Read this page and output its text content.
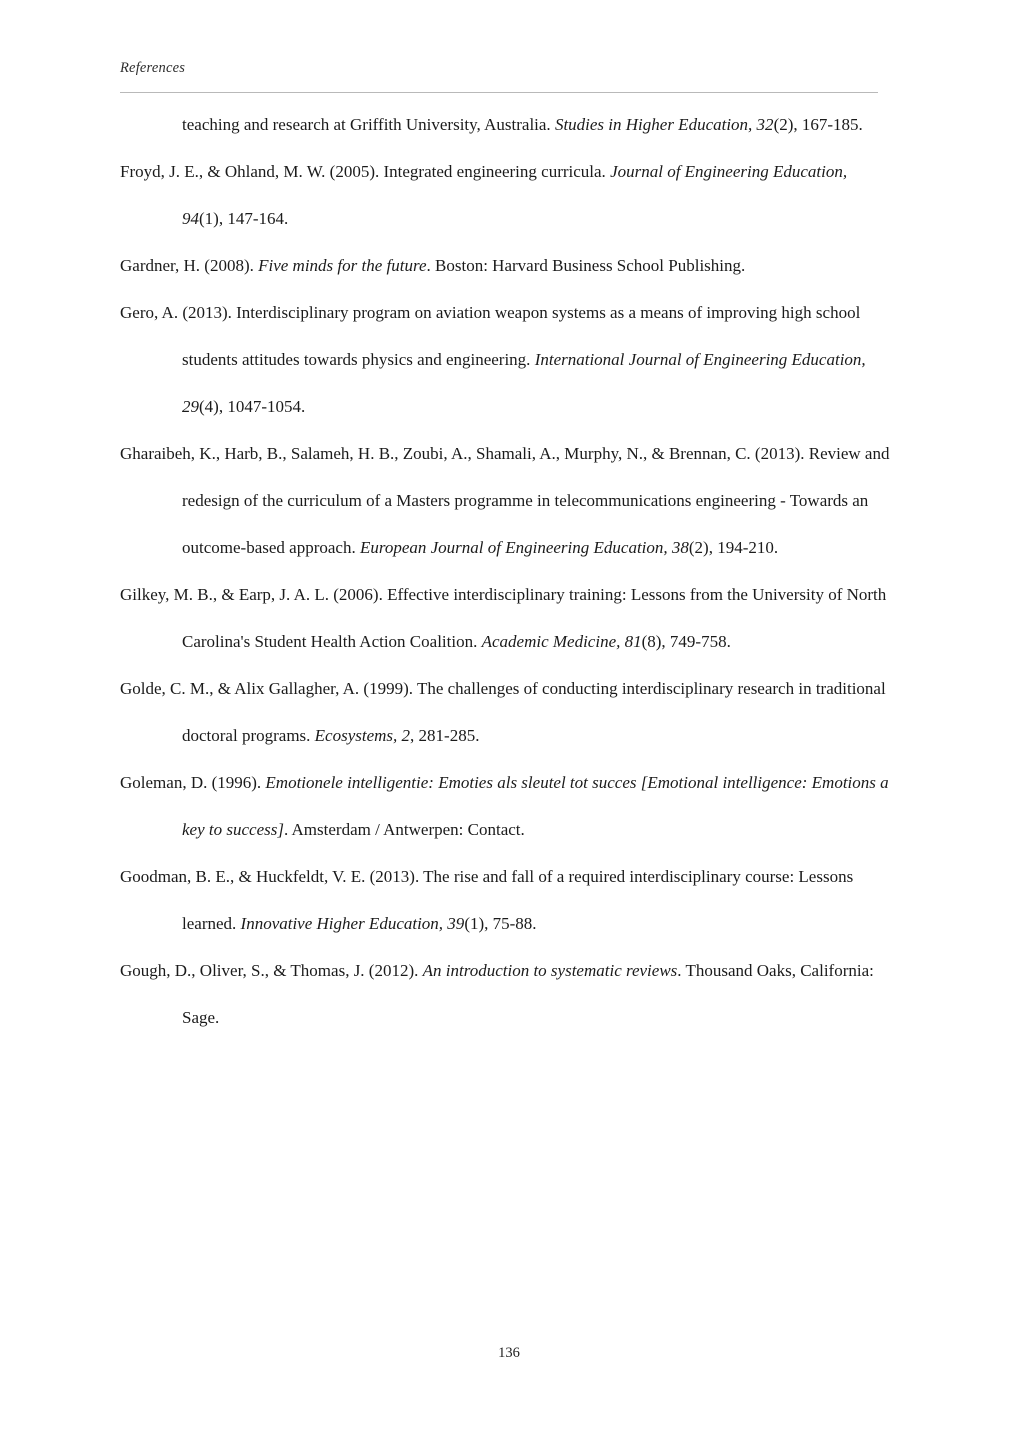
References

teaching and research at Griffith University, Australia. Studies in Higher Education, 32(2), 167-185.

Froyd, J. E., & Ohland, M. W. (2005). Integrated engineering curricula. Journal of Engineering Education, 94(1), 147-164.

Gardner, H. (2008). Five minds for the future. Boston: Harvard Business School Publishing.

Gero, A. (2013). Interdisciplinary program on aviation weapon systems as a means of improving high school students attitudes towards physics and engineering. International Journal of Engineering Education, 29(4), 1047-1054.

Gharaibeh, K., Harb, B., Salameh, H. B., Zoubi, A., Shamali, A., Murphy, N., & Brennan, C. (2013). Review and redesign of the curriculum of a Masters programme in telecommunications engineering - Towards an outcome-based approach. European Journal of Engineering Education, 38(2), 194-210.

Gilkey, M. B., & Earp, J. A. L. (2006). Effective interdisciplinary training: Lessons from the University of North Carolina's Student Health Action Coalition. Academic Medicine, 81(8), 749-758.

Golde, C. M., & Alix Gallagher, A. (1999). The challenges of conducting interdisciplinary research in traditional doctoral programs. Ecosystems, 2, 281-285.

Goleman, D. (1996). Emotionele intelligentie: Emoties als sleutel tot succes [Emotional intelligence: Emotions a key to success]. Amsterdam / Antwerpen: Contact.

Goodman, B. E., & Huckfeldt, V. E. (2013). The rise and fall of a required interdisciplinary course: Lessons learned. Innovative Higher Education, 39(1), 75-88.

Gough, D., Oliver, S., & Thomas, J. (2012). An introduction to systematic reviews. Thousand Oaks, California: Sage.

136
